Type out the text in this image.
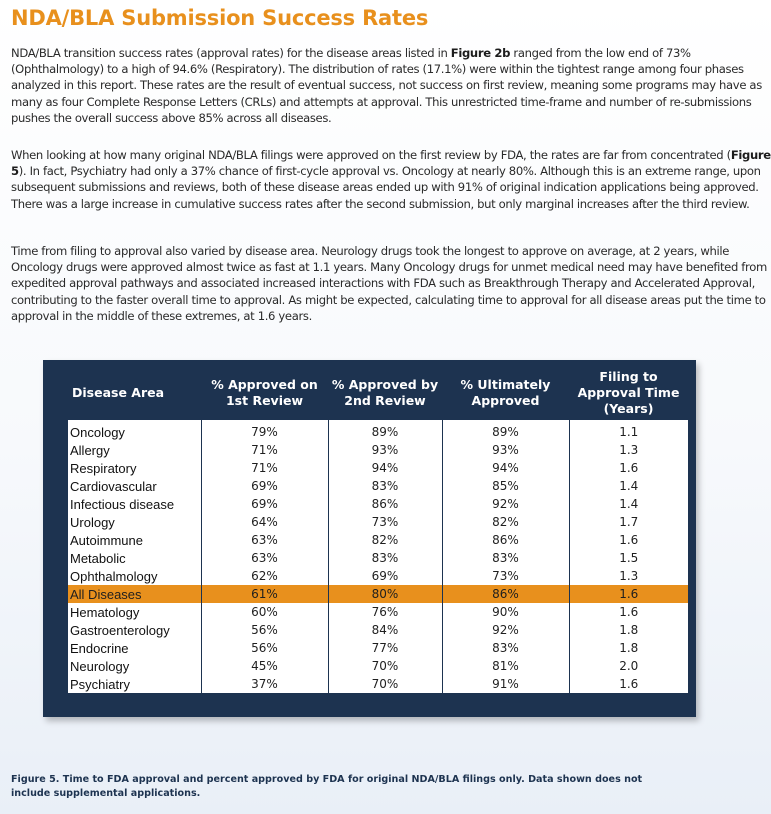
NDA/BLA Submission Success Rates

NDA/BLA transition success rates (approval rates) for the disease areas listed in Figure 2b ranged from the low end of 73% (Ophthalmology) to a high of 94.6% (Respiratory). The distribution of rates (17.1%) were within the tightest range among four phases analyzed in this report. These rates are the result of eventual success, not success on first review, meaning some programs may have as many as four Complete Response Letters (CRLs) and attempts at approval. This unrestricted time-frame and number of re-submissions pushes the overall success above 85% across all diseases.

When looking at how many original NDA/BLA filings were approved on the first review by FDA, the rates are far from concentrated (Figure 5). In fact, Psychiatry had only a 37% chance of first-cycle approval vs. Oncology at nearly 80%. Although this is an extreme range, upon subsequent submissions and reviews, both of these disease areas ended up with 91% of original indication applications being approved. There was a large increase in cumulative success rates after the second submission, but only marginal increases after the third review.

Time from filing to approval also varied by disease area. Neurology drugs took the longest to approve on average, at 2 years, while Oncology drugs were approved almost twice as fast at 1.1 years. Many Oncology drugs for unmet medical need may have benefited from expedited approval pathways and associated increased interactions with FDA such as Breakthrough Therapy and Accelerated Approval, contributing to the faster overall time to approval. As might be expected, calculating time to approval for all disease areas put the time to approval in the middle of these extremes, at 1.6 years.

Disease Area	% Approved on 1st Review	% Approved by 2nd Review	% Ultimately Approved	Filing to Approval Time (Years)
Oncology	79%	89%	89%	1.1
Allergy	71%	93%	93%	1.3
Respiratory	71%	94%	94%	1.6
Cardiovascular	69%	83%	85%	1.4
Infectious disease	69%	86%	92%	1.4
Urology	64%	73%	82%	1.7
Autoimmune	63%	82%	86%	1.6
Metabolic	63%	83%	83%	1.5
Ophthalmology	62%	69%	73%	1.3
All Diseases	61%	80%	86%	1.6
Hematology	60%	76%	90%	1.6
Gastroenterology	56%	84%	92%	1.8
Endocrine	56%	77%	83%	1.8
Neurology	45%	70%	81%	2.0
Psychiatry	37%	70%	91%	1.6

Figure 5. Time to FDA approval and percent approved by FDA for original NDA/BLA filings only. Data shown does not include supplemental applications.
